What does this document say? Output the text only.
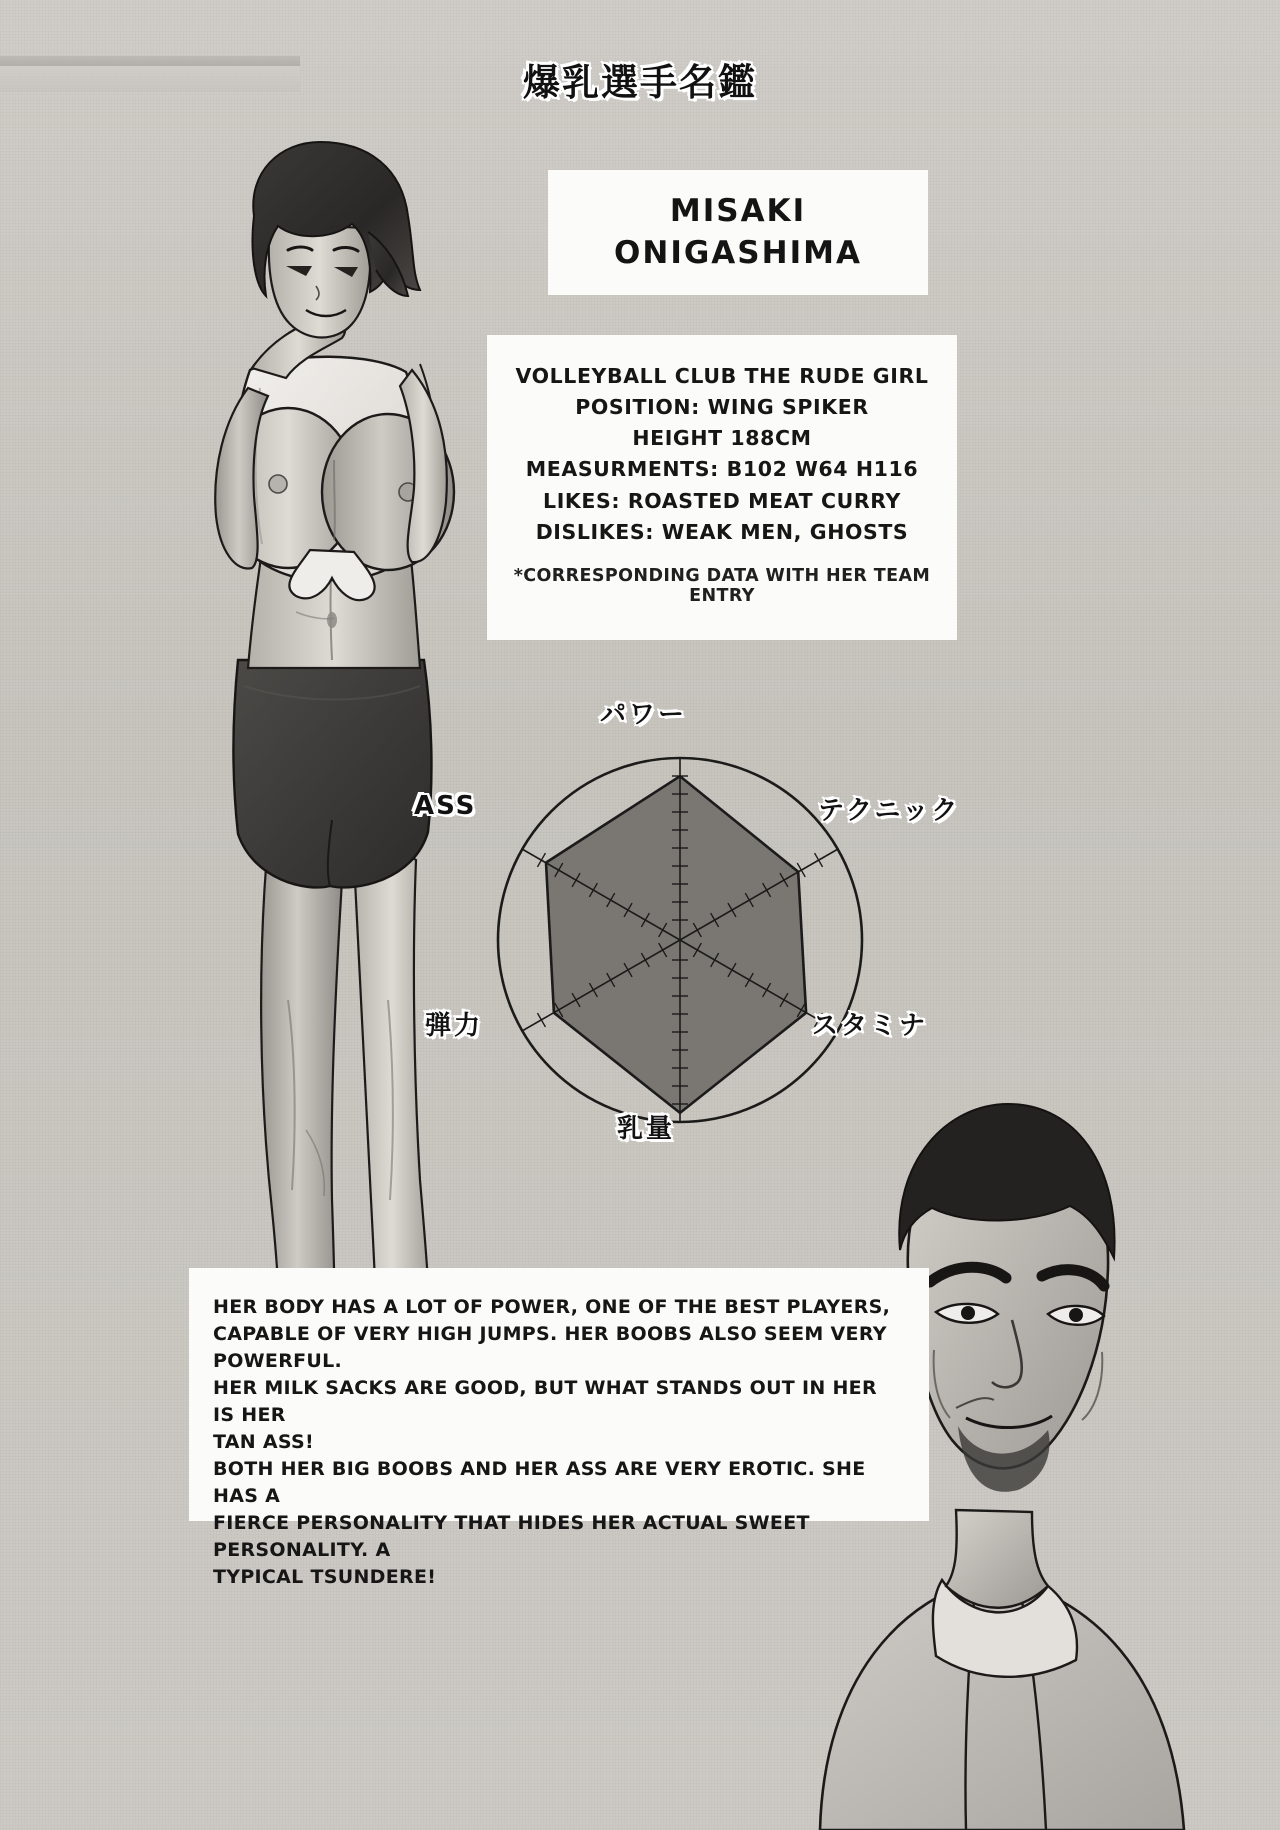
爆乳選手名鑑
MISAKI
ONIGASHIMA
VOLLEYBALL CLUB THE RUDE GIRL
POSITION: WING SPIKER
HEIGHT 188CM
MEASURMENTS: B102 W64 H116
LIKES: ROASTED MEAT CURRY
DISLIKES: WEAK MEN, GHOSTS
*CORRESPONDING DATA WITH HER TEAM ENTRY
パワー
テクニック
スタミナ
乳量
弾力
ASS
HER BODY HAS A LOT OF POWER, ONE OF THE BEST PLAYERS,
CAPABLE OF VERY HIGH JUMPS. HER BOOBS ALSO SEEM VERY
POWERFUL.
HER MILK SACKS ARE GOOD, BUT WHAT STANDS OUT IN HER IS HER
TAN ASS!
BOTH HER BIG BOOBS AND HER ASS ARE VERY EROTIC. SHE HAS A
FIERCE PERSONALITY THAT HIDES HER ACTUAL SWEET PERSONALITY. A
TYPICAL TSUNDERE!
